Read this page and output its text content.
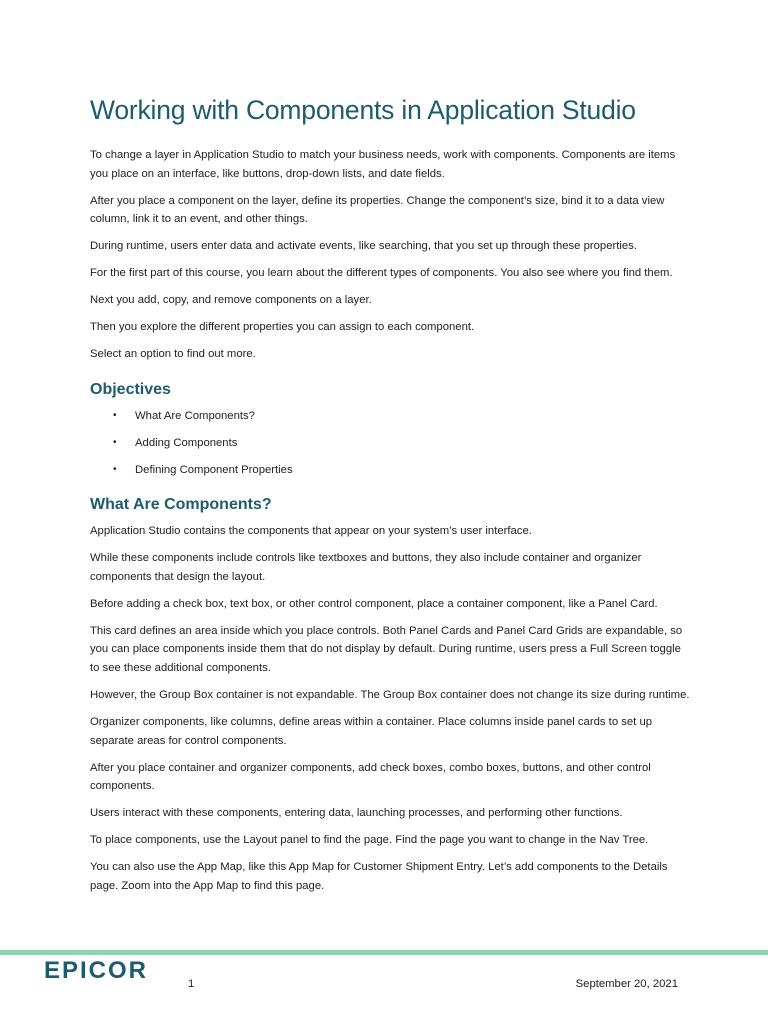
Working with Components in Application Studio

To change a layer in Application Studio to match your business needs, work with components. Components are items you place on an interface, like buttons, drop-down lists, and date fields.

After you place a component on the layer, define its properties. Change the component’s size, bind it to a data view column, link it to an event, and other things.

During runtime, users enter data and activate events, like searching, that you set up through these properties.

For the first part of this course, you learn about the different types of components. You also see where you find them.

Next you add, copy, and remove components on a layer.

Then you explore the different properties you can assign to each component.

Select an option to find out more.

Objectives
• What Are Components?
• Adding Components
• Defining Component Properties
What Are Components?

Application Studio contains the components that appear on your system’s user interface.

While these components include controls like textboxes and buttons, they also include container and organizer components that design the layout.

Before adding a check box, text box, or other control component, place a container component, like a Panel Card.

This card defines an area inside which you place controls. Both Panel Cards and Panel Card Grids are expandable, so you can place components inside them that do not display by default. During runtime, users press a Full Screen toggle to see these additional components.

However, the Group Box container is not expandable. The Group Box container does not change its size during runtime.

Organizer components, like columns, define areas within a container. Place columns inside panel cards to set up separate areas for control components.

After you place container and organizer components, add check boxes, combo boxes, buttons, and other control components.

Users interact with these components, entering data, launching processes, and performing other functions.

To place components, use the Layout panel to find the page. Find the page you want to change in the Nav Tree.

You can also use the App Map, like this App Map for Customer Shipment Entry. Let’s add components to the Details page. Zoom into the App Map to find this page.

EPICOR	1	September 20, 2021
